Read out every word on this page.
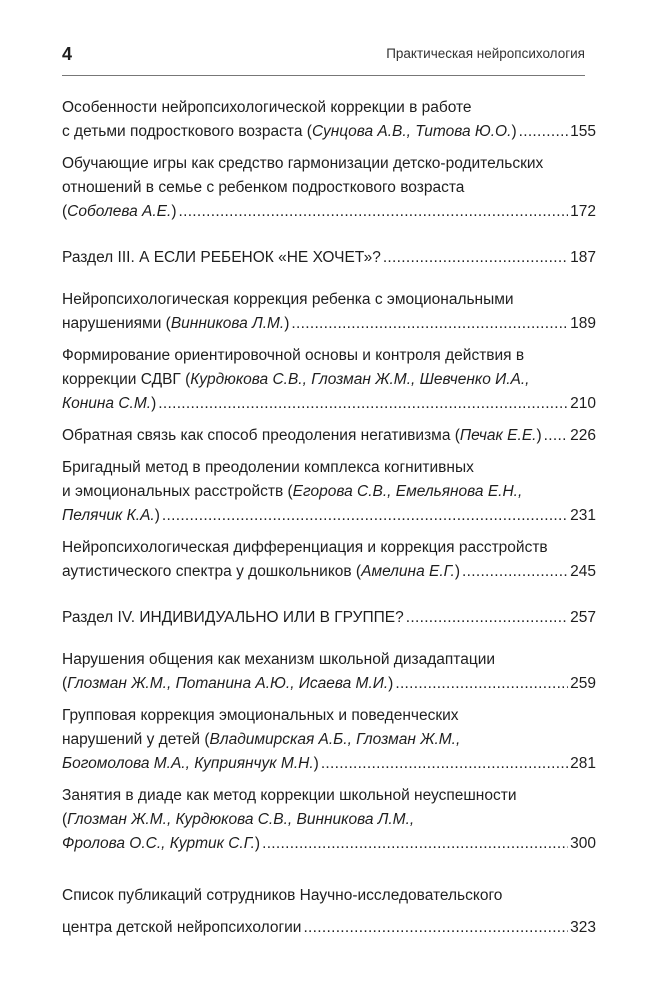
4	Практическая нейропсихология
Особенности нейропсихологической коррекции в работе
с детьми подросткового возраста (Сунцова А.В., Титова Ю.О.) .....	155
Обучающие игры как средство гармонизации детско-родительских
отношений в семье с ребенком подросткового возраста
(Соболева А.Е.) .....	172
Раздел III. А ЕСЛИ РЕБЕНОК «НЕ ХОЧЕТ»? .....	187
Нейропсихологическая коррекция ребенка с эмоциональными
нарушениями (Винникова Л.М.) .....	189
Формирование ориентировочной основы и контроля действия в
коррекции СДВГ (Курдюкова С.В., Глозман Ж.М., Шевченко И.А.,
Конина С.М.) .....	210
Обратная связь как способ преодоления негативизма (Печак Е.Е.) ..... 226
Бригадный метод в преодолении комплекса когнитивных
и эмоциональных расстройств (Егорова С.В., Емельянова Е.Н.,
Пелячик К.А.) .....	231
Нейропсихологическая дифференциация и коррекция расстройств
аутистического спектра у дошкольников (Амелина Е.Г.) .....	245
Раздел IV. ИНДИВИДУАЛЬНО ИЛИ В ГРУППЕ? .....	257
Нарушения общения как механизм школьной дизадаптации
(Глозман Ж.М., Потанина А.Ю., Исаева М.И.) .....	259
Групповая коррекция эмоциональных и поведенческих
нарушений у детей (Владимирская А.Б., Глозман Ж.М.,
Богомолова М.А., Куприянчук М.Н.) .....	281
Занятия в диаде как метод коррекции школьной неуспешности
(Глозман Ж.М., Курдюкова С.В., Винникова Л.М.,
Фролова О.С., Куртик С.Г.) .....	300
Список публикаций сотрудников Научно-исследовательского
центра детской нейропсихологии .....	323
